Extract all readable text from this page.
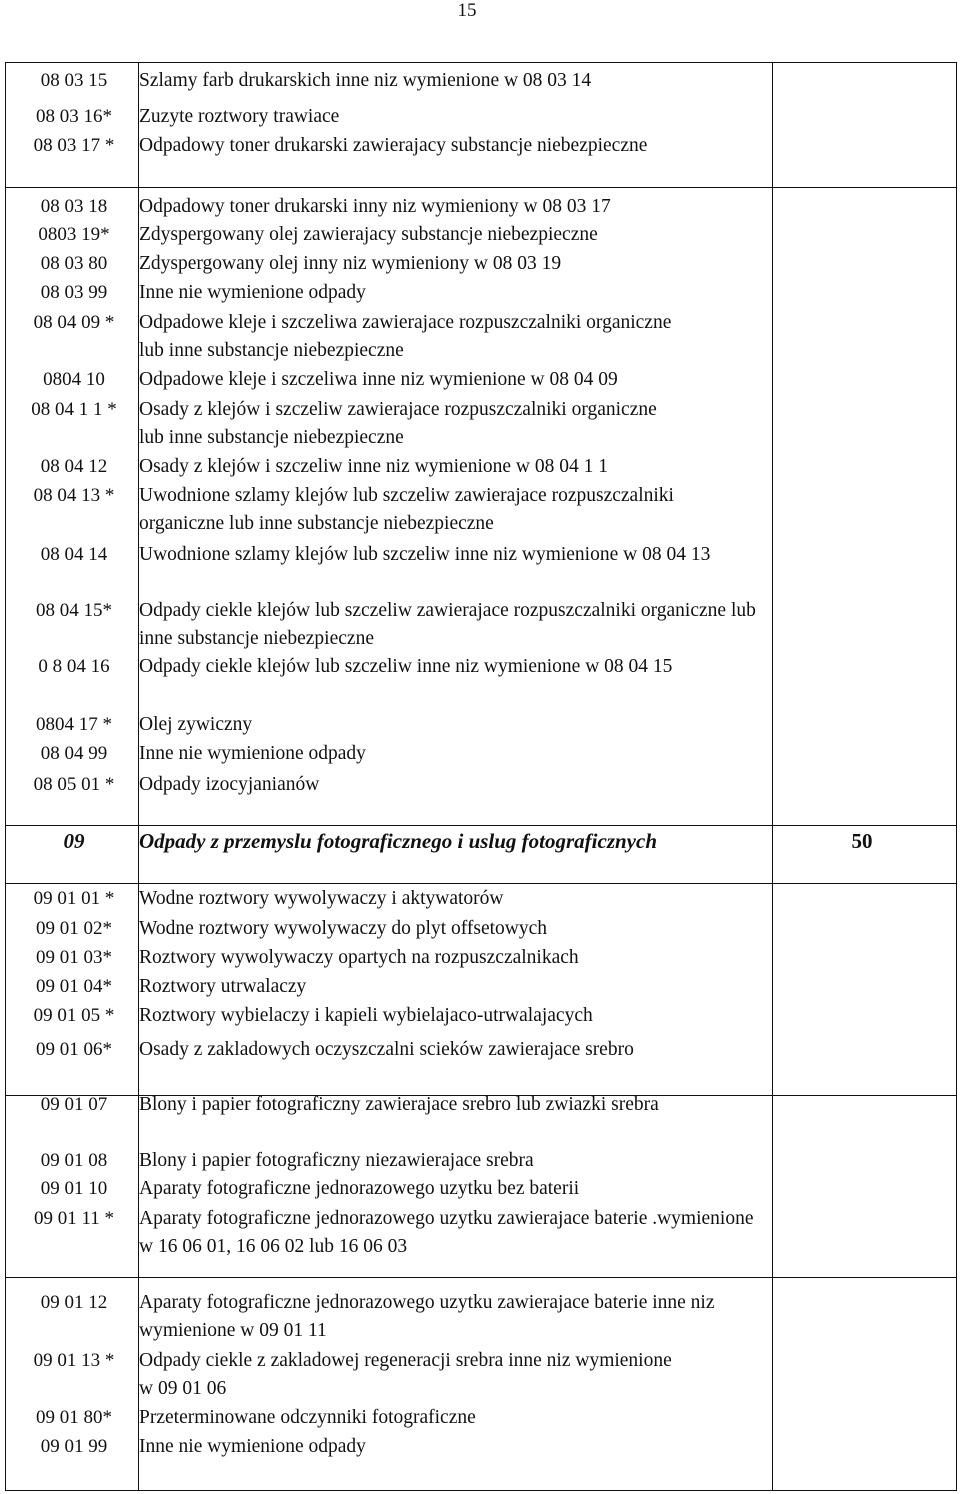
15
08 03 15	Szlamy farb drukarskich inne niz wymienione w 08 03 14
08 03 16*	Zuzyte roztwory trawiace
08 03 17 *	Odpadowy toner drukarski zawierajacy substancje niebezpieczne
08 03 18	Odpadowy toner drukarski inny niz wymieniony w 08 03 17
0803 19*	Zdyspergowany olej zawierajacy substancje niebezpieczne
08 03 80	Zdyspergowany olej inny niz wymieniony w 08 03 19
08 03 99	Inne nie wymienione odpady
08 04 09 *	Odpadowe kleje i szczeliwa zawierajace rozpuszczalniki organiczne lub inne substancje niebezpieczne
0804 10	Odpadowe kleje i szczeliwa inne niz wymienione w 08 04 09
08 04 1 1 *	Osady z klejów i szczeliw zawierajace rozpuszczalniki organiczne lub inne substancje niebezpieczne
08 04 12	Osady z klejów i szczeliw inne niz wymienione w 08 04 1 1
08 04 13 *	Uwodnione szlamy klejów lub szczeliw zawierajace rozpuszczalniki organiczne lub inne substancje niebezpieczne
08 04 14	Uwodnione szlamy klejów lub szczeliw inne niz wymienione w 08 04 13
08 04 15*	Odpady ciekle klejów lub szczeliw zawierajace rozpuszczalniki organiczne lub inne substancje niebezpieczne
0 8 04 16	Odpady ciekle klejów lub szczeliw inne niz wymienione w 08 04 15
0804 17 *	Olej zywiczny
08 04 99	Inne nie wymienione odpady
08 05 01 *	Odpady izocyjanianów
09	Odpady z przemyslu fotograficznego i uslug fotograficznych	50
09 01 01 *	Wodne roztwory wywolywaczy i aktywatorów
09 01 02*	Wodne roztwory wywolywaczy do plyt offsetowych
09 01 03*	Roztwory wywolywaczy opartych na rozpuszczalnikach
09 01 04*	Roztwory utrwalaczy
09 01 05 *	Roztwory wybielaczy i kapieli wybielajaco-utrwalajacych
09 01 06*	Osady z zakladowych oczyszczalni scieków zawierajace srebro
09 01 07	Blony i papier fotograficzny zawierajace srebro lub zwiazki srebra
09 01 08	Blony i papier fotograficzny niezawierajace srebra
09 01 10	Aparaty fotograficzne jednorazowego uzytku bez baterii
09 01 11 *	Aparaty fotograficzne jednorazowego uzytku zawierajace baterie .wymienione w 16 06 01, 16 06 02 lub 16 06 03
09 01 12	Aparaty fotograficzne jednorazowego uzytku zawierajace baterie inne niz wymienione w 09 01 11
09 01 13 *	Odpady ciekle z zakladowej regeneracji srebra inne niz wymienione w 09 01 06
09 01 80*	Przeterminowane odczynniki fotograficzne
09 01 99	Inne nie wymienione odpady
